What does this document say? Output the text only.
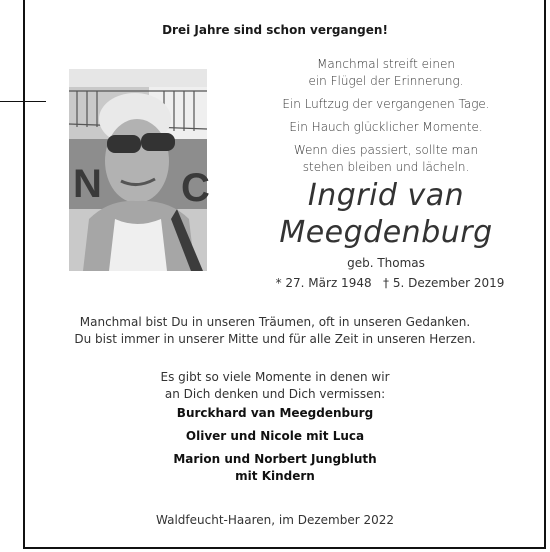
Drei Jahre sind schon vergangen!
N C
Manchmal streift einen
ein Flügel der Erinnerung.
Ein Luftzug der vergangenen Tage.
Ein Hauch glücklicher Momente.
Wenn dies passiert, sollte man
stehen bleiben und lächeln.
Ingrid van
Meegdenburg
geb. Thomas
* 27. März 1948   † 5. Dezember 2019
Manchmal bist Du in unseren Träumen, oft in unseren Gedanken.
Du bist immer in unserer Mitte und für alle Zeit in unseren Herzen.
Es gibt so viele Momente in denen wir
an Dich denken und Dich vermissen:
Burckhard van Meegdenburg
Oliver und Nicole mit Luca
Marion und Norbert Jungbluth
mit Kindern
Waldfeucht-Haaren, im Dezember 2022
